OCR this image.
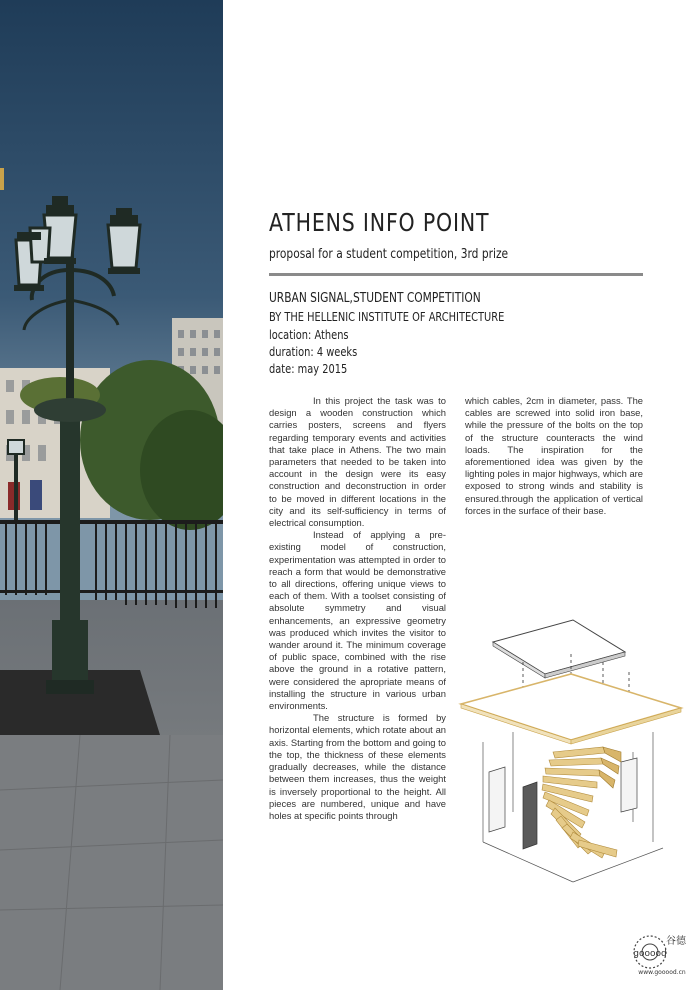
ATHENS INFO POINT
proposal for a student competition, 3rd prize
URBAN SIGNAL,STUDENT COMPETITION
BY THE HELLENIC INSTITUTE OF ARCHITECTURE
location: Athens
duration: 4 weeks
date: may 2015

In this project the task was to design a wooden construction which carries posters, screens and flyers regarding temporary events and activities that take place in Athens. The two main parameters that needed to be taken into account in the design were its easy construction and deconstruction in order to be moved in different locations in the city and its self-sufficiency in terms of electrical consumption.

Instead of applying a pre-existing model of construction, experimentation was attempted in order to reach a form that would be demonstrative to all directions, offering unique views to each of them. With a toolset consisting of absolute symmetry and visual enhancements, an expressive geometry was produced which invites the visitor to wander around it. The minimum coverage of public space, combined with the rise above the ground in a rotative pattern, were considered the apropriate means of installing the structure in various urban environments.

The structure is formed by horizontal elements, which rotate about an axis. Starting from the bottom and going to the top, the thickness of these elements gradually decreases, while the distance between them increases, thus the weight is inversely proportional to the height. All pieces are numbered, unique and have holes at specific points through

which cables, 2cm in diameter, pass. The cables are screwed into solid iron base, while the pressure of the bolts on the top of the structure counteracts the wind loads. The inspiration for the aforementioned idea was given by the lighting poles in major highways, which are exposed to strong winds and stability is ensured.through the application of vertical forces in the surface of their base.

gooood
谷德
www.gooood.cn
